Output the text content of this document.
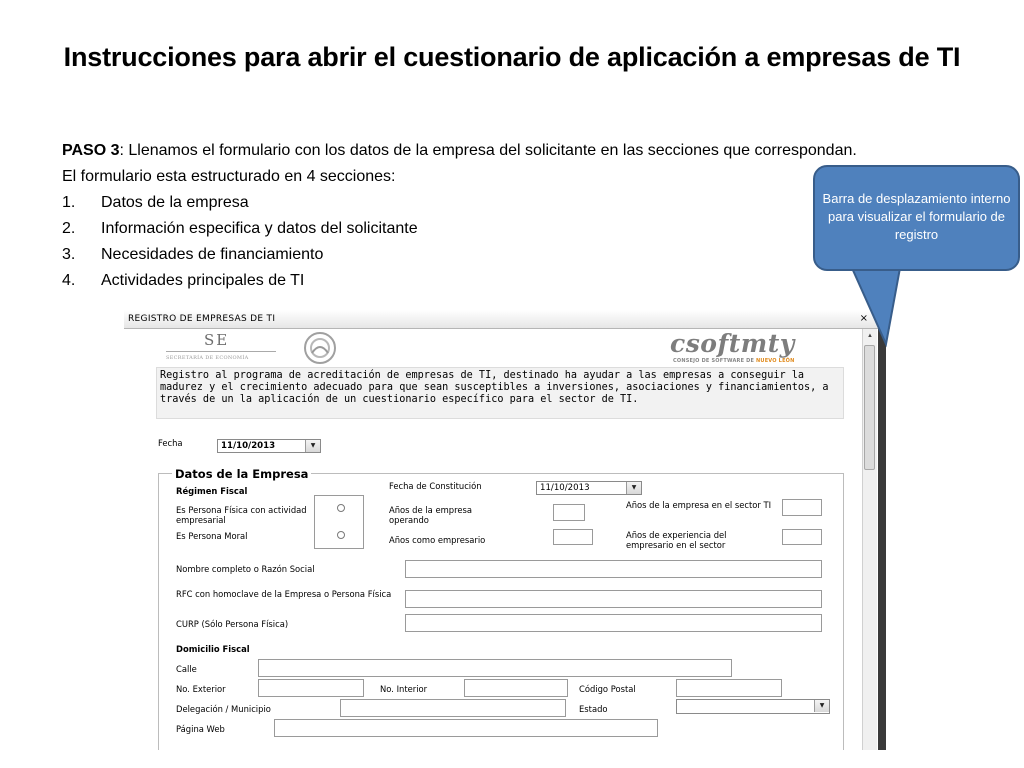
Instrucciones para abrir el cuestionario de aplicación a empresas de TI

PASO 3: Llenamos el formulario con los datos de la empresa del solicitante en las secciones que correspondan.

El formulario esta estructurado en 4 secciones:

1.	Datos de la empresa
2.	Información especifica y datos del solicitante
3.	Necesidades de financiamiento
4.	Actividades principales de TI
Barra de desplazamiento interno para visualizar el formulario de registro
REGISTRO DE EMPRESAS DE TI	×
SE
SECRETARÍA DE ECONOMÍA	csoftmty
CONSEJO DE SOFTWARE DE NUEVO LEÓN
Registro al programa de acreditación de empresas de TI, destinado ha ayudar a las empresas a conseguir la madurez y el crecimiento adecuado para que sean susceptibles a inversiones, asociaciones y financiamientos, a través de un la aplicación de un cuestionario específico para el sector de TI.
Fecha	11/10/2013	▼
Datos de la Empresa
Régimen Fiscal
Es Persona Física con actividad empresarial
Es Persona Moral
Fecha de Constitución	11/10/2013	▼
Años de la empresa operando
Años como empresario
Años de la empresa en el sector TI
Años de experiencia del empresario en el sector
Nombre completo o Razón Social
RFC con homoclave de la Empresa o Persona Física
CURP (Sólo Persona Física)
Domicilio Fiscal
Calle
No. Exterior	No. Interior	Código Postal
Delegación / Municipio	Estado	▼
Página Web
▲
